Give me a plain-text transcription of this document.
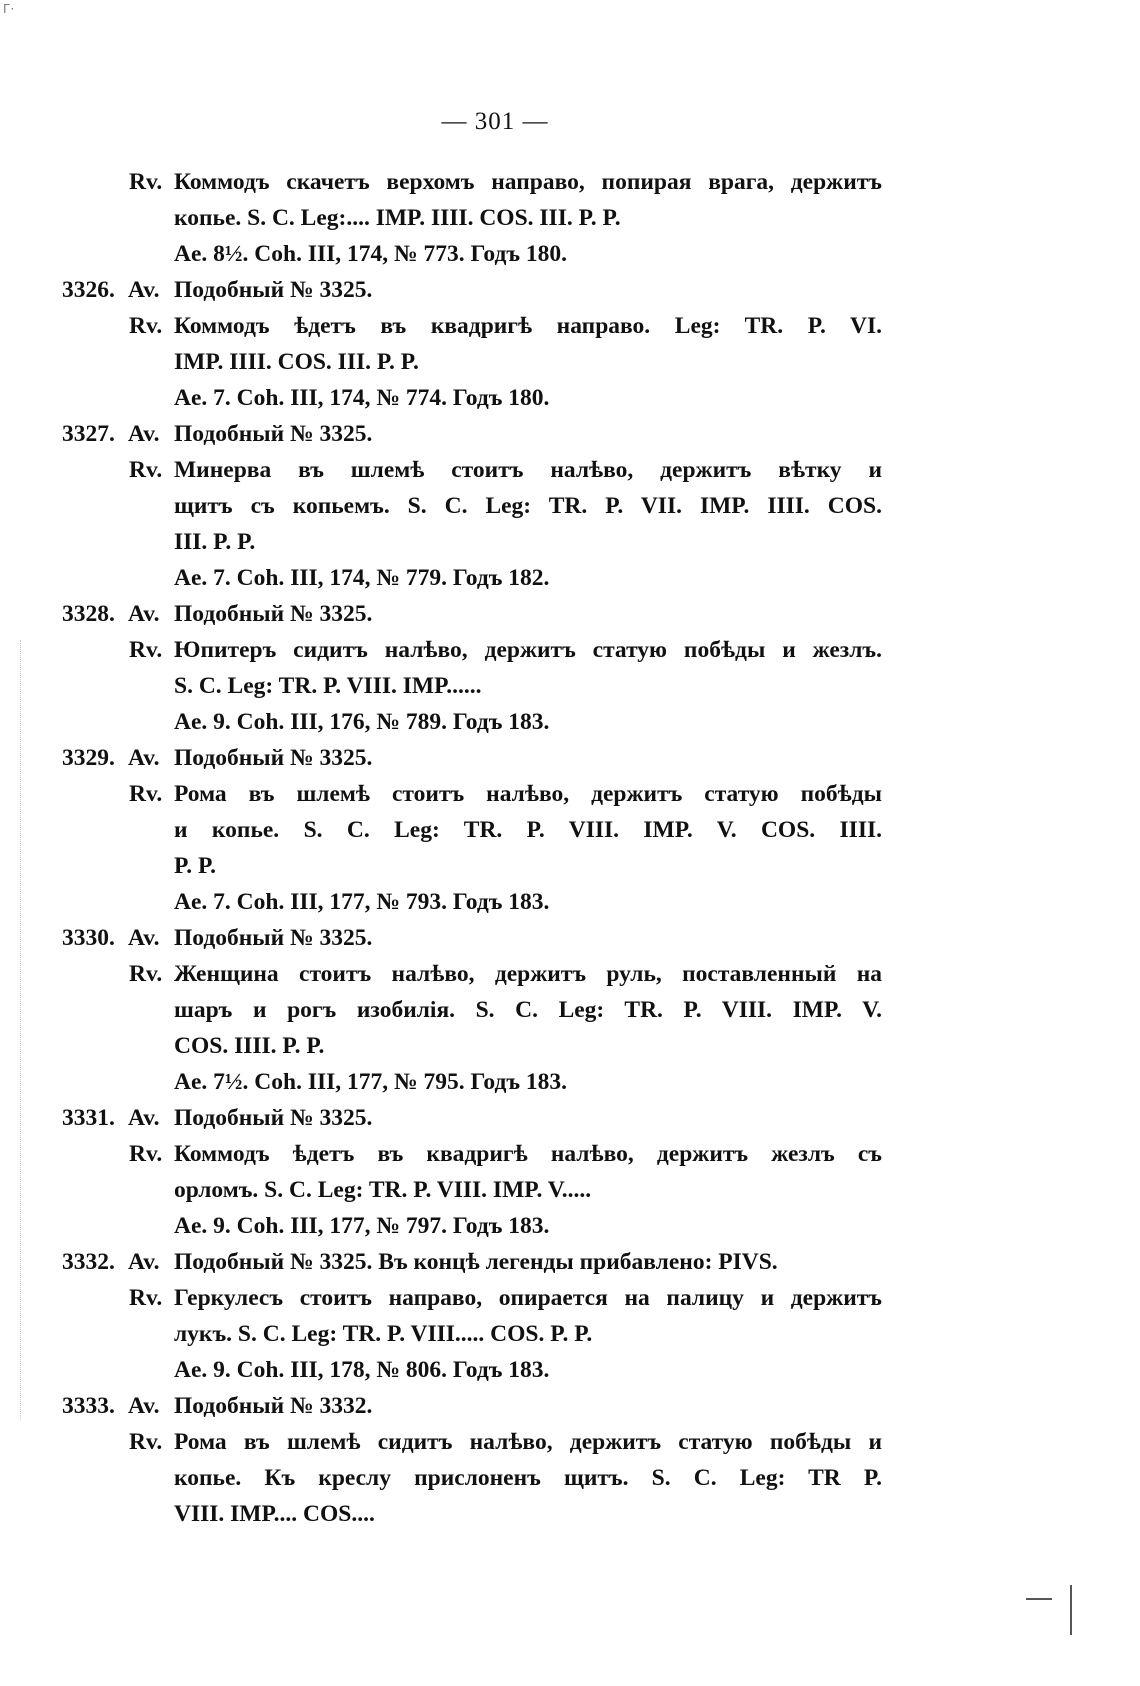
Г·
— 301 —
Rv. Коммодъ скачетъ верхомъ направо, попирая врага, держитъ
копье. S. C. Leg:.... IMP. IIII. COS. III. P. P.
Ae. 8½. Coh. III, 174, № 773. Годъ 180.
3326. Av. Подобный № 3325.
Rv. Коммодъ ѣдетъ въ квадригѣ направо. Leg: TR. P. VI.
IMP. IIII. COS. III. P. P.
Ae. 7. Coh. III, 174, № 774. Годъ 180.
3327. Av. Подобный № 3325.
Rv. Минерва въ шлемѣ стоитъ налѣво, держитъ вѣтку и
щитъ съ копьемъ. S. C. Leg: TR. P. VII. IMP. IIII. COS.
III. P. P.
Ae. 7. Coh. III, 174, № 779. Годъ 182.
3328. Av. Подобный № 3325.
Rv. Юпитеръ сидитъ налѣво, держитъ статую побѣды и жезлъ.
S. C. Leg: TR. P. VIII. IMP......
Ae. 9. Coh. III, 176, № 789. Годъ 183.
3329. Av. Подобный № 3325.
Rv. Рома въ шлемѣ стоитъ налѣво, держитъ статую побѣды
и копье. S. C. Leg: TR. P. VIII. IMP. V. COS. IIII.
P. P.
Ae. 7. Coh. III, 177, № 793. Годъ 183.
3330. Av. Подобный № 3325.
Rv. Женщина стоитъ налѣво, держитъ руль, поставленный на
шаръ и рогъ изобилія. S. C. Leg: TR. P. VIII. IMP. V.
COS. IIII. P. P.
Ae. 7½. Coh. III, 177, № 795. Годъ 183.
3331. Av. Подобный № 3325.
Rv. Коммодъ ѣдетъ въ квадригѣ налѣво, держитъ жезлъ съ
орломъ. S. C. Leg: TR. P. VIII. IMP. V.....
Ae. 9. Coh. III, 177, № 797. Годъ 183.
3332. Av. Подобный № 3325. Въ концѣ легенды прибавлено: PIVS.
Rv. Геркулесъ стоитъ направо, опирается на палицу и держитъ
лукъ. S. C. Leg: TR. P. VIII..... COS. P. P.
Ae. 9. Coh. III, 178, № 806. Годъ 183.
3333. Av. Подобный № 3332.
Rv. Рома въ шлемѣ сидитъ налѣво, держитъ статую побѣды и
копье. Къ креслу прислоненъ щитъ. S. C. Leg: TR P.
VIII. IMP.... COS....
